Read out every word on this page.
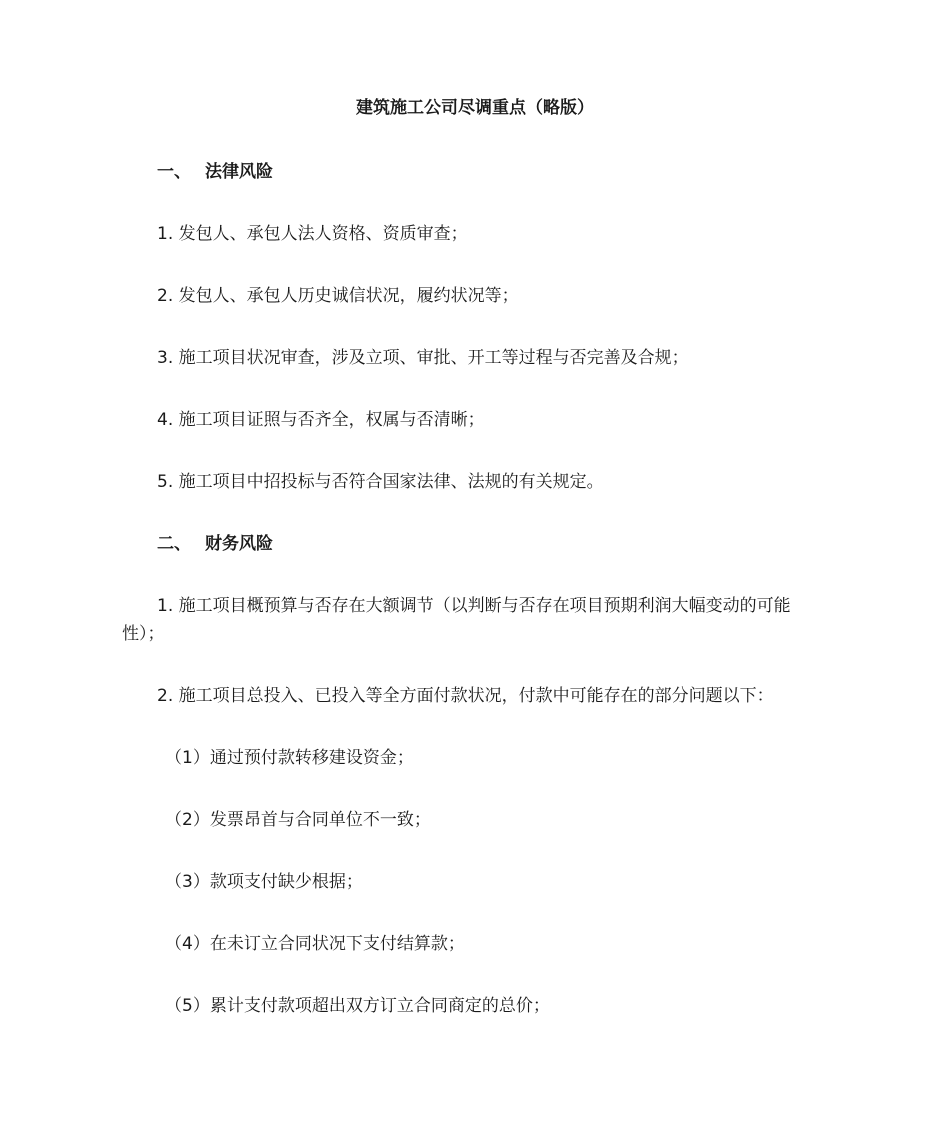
建筑施工公司尽调重点（略版）
一、 法律风险

1. 发包人、承包人法人资格、资质审查；

2. 发包人、承包人历史诚信状况，履约状况等；

3. 施工项目状况审查，涉及立项、审批、开工等过程与否完善及合规；

4. 施工项目证照与否齐全，权属与否清晰；

5. 施工项目中招投标与否符合国家法律、法规的有关规定。

二、 财务风险
1. 施工项目概预算与否存在大额调节（以判断与否存在项目预期利润大幅变动的可能
性）；

2. 施工项目总投入、已投入等全方面付款状况，付款中可能存在的部分问题以下：

（1）通过预付款转移建设资金；

（2）发票昂首与合同单位不一致；

（3）款项支付缺少根据；

（4）在未订立合同状况下支付结算款；

（5）累计支付款项超出双方订立合同商定的总价；
